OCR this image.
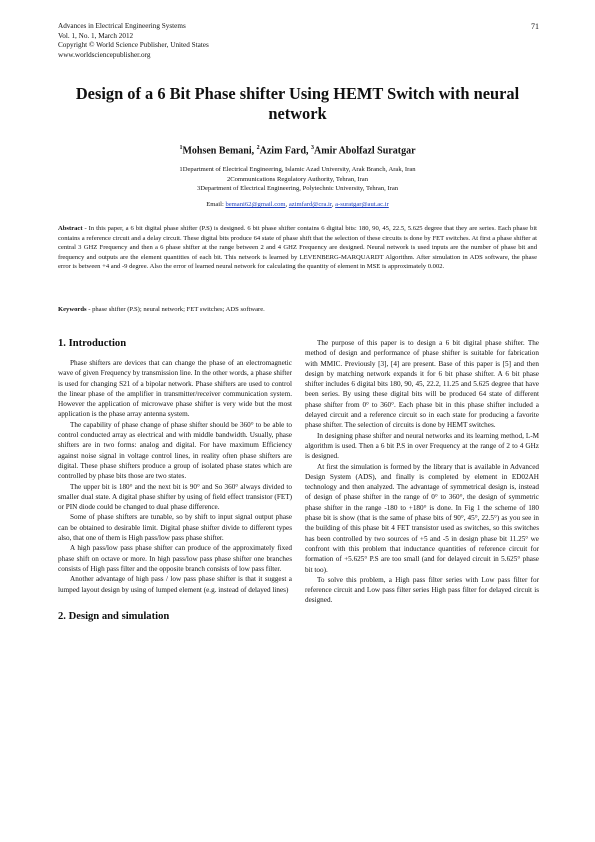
Advances in Electrical Engineering Systems
Vol. 1, No. 1, March 2012
Copyright © World Science Publisher, United States
www.worldsciencepublisher.org
71
Design of a 6 Bit Phase shifter Using HEMT Switch with neural network
$^1$Mohsen Bemani, $^2$Azim Fard, $^3$Amir Abolfazl Suratgar
1Department of Electrical Engineering, Islamic Azad University, Arak Branch, Arak, Iran
2Communications Regulatory Authority, Tehran, Iran
3Department of Electrical Engineering, Polytechnic University, Tehran, Iran
Email: bemani62@gmail.com, azimfard@cra.ir, a-suratgar@aut.ac.ir
Abstract - In this paper, a 6 bit digital phase shifter (P.S) is designed. 6 bit phase shifter contains 6 digital bits: 180, 90, 45, 22.5, 5.625 degree that they are series. Each phase bit contains a reference circuit and a delay circuit. These digital bits produce 64 state of phase shift that the selection of these circuits is done by FET switches. At first a phase shifter at central 3 GHZ Frequency and then a 6 phase shifter at the range between 2 and 4 GHZ Frequency are designed. Neural network is used inputs are the number of phase bit and frequency and outputs are the element quantities of each bit. This network is learned by LEVENBERG-MARQUARDT Algorithm. After simulation in ADS software, the phase error is between +4 and -9 degree. Also the error of learned neural network for calculating the quantity of element in MSE is approximately 0.002.
Keywords - phase shifter (P.S); neural network; FET switches; ADS software.
1. Introduction

Phase shifters are devices that can change the phase of an electromagnetic wave of given Frequency by transmission line. In the other words, a phase shifter is used for changing S21 of a bipolar network. Phase shifters are used to control the linear phase of the amplifier in transmitter/receiver communication system. However the application of microwave phase shifter is very wide but the most application is the phase array antenna system.

The capability of phase change of phase shifter should be 360° to be able to control conducted array as electrical and with middle bandwidth. Usually, phase shifters are in two forms: analog and digital. For have maximum Efficiency against noise signal in voltage control lines, in reality often phase shifters are digital. These phase shifters produce a group of isolated phase states which are controlled by phase bits those are two states.

The upper bit is 180° and the next bit is 90° and So 360° always divided to smaller dual state. A digital phase shifter by using of field effect transistor (FET) or PIN diode could be changed to dual phase difference.

Some of phase shifters are tunable, so by shift to input signal output phase can be obtained to desirable limit. Digital phase shifter divide to different types also, that one of them is High pass/low pass phase shifter.

A high pass/low pass phase shifter can produce of the approximately fixed phase shift on octave or more. In high pass/low pass phase shifter one branches consists of High pass filter and the opposite branch consists of low pass filter.

Another advantage of high pass / low pass phase shifter is that it suggest a lumped layout design by using of lumped element (e.g. instead of delayed lines)

2. Design and simulation

The purpose of this paper is to design a 6 bit digital phase shifter. The method of design and performance of phase shifter is suitable for fabrication with MMIC. Previously [3], [4] are present. Base of this paper is [5] and then design by matching network expands it for 6 bit phase shifter. A 6 bit phase shifter includes 6 digital bits 180, 90, 45, 22.2, 11.25 and 5.625 degree that have been series. By using these digital bits will be produced 64 state of different phase shifter from 0° to 360°. Each phase bit in this phase shifter included a delayed circuit and a reference circuit so in each state for producing a favorite phase shifter. The selection of circuits is done by HEMT switches.

In designing phase shifter and neural networks and its learning method, L-M algorithm is used. Then a 6 bit P.S in over Frequency at the range of 2 to 4 GHz is designed.

At first the simulation is formed by the library that is available in Advanced Design System (ADS), and finally is completed by element in ED02AH technology and then analyzed. The advantage of symmetrical design is, instead of design of phase shifter in the range of 0° to 360°, the design of symmetric phase shifter in the range -180 to +180° is done. In Fig 1 the scheme of 180 phase bit is show (that is the same of phase bits of 90°, 45°, 22.5°) as you see in the building of this phase bit 4 FET transistor used as switches, so this switches has been controlled by two sources of +5 and -5 in design phase bit 11.25° we confront with this problem that inductance quantities of reference circuit for formation of +5.625° P.S are too small (and for delayed circuit in 5.625° phase bit too).

To solve this problem, a High pass filter series with Low pass filter for reference circuit and Low pass filter series High pass filter for delayed circuit is designed.
